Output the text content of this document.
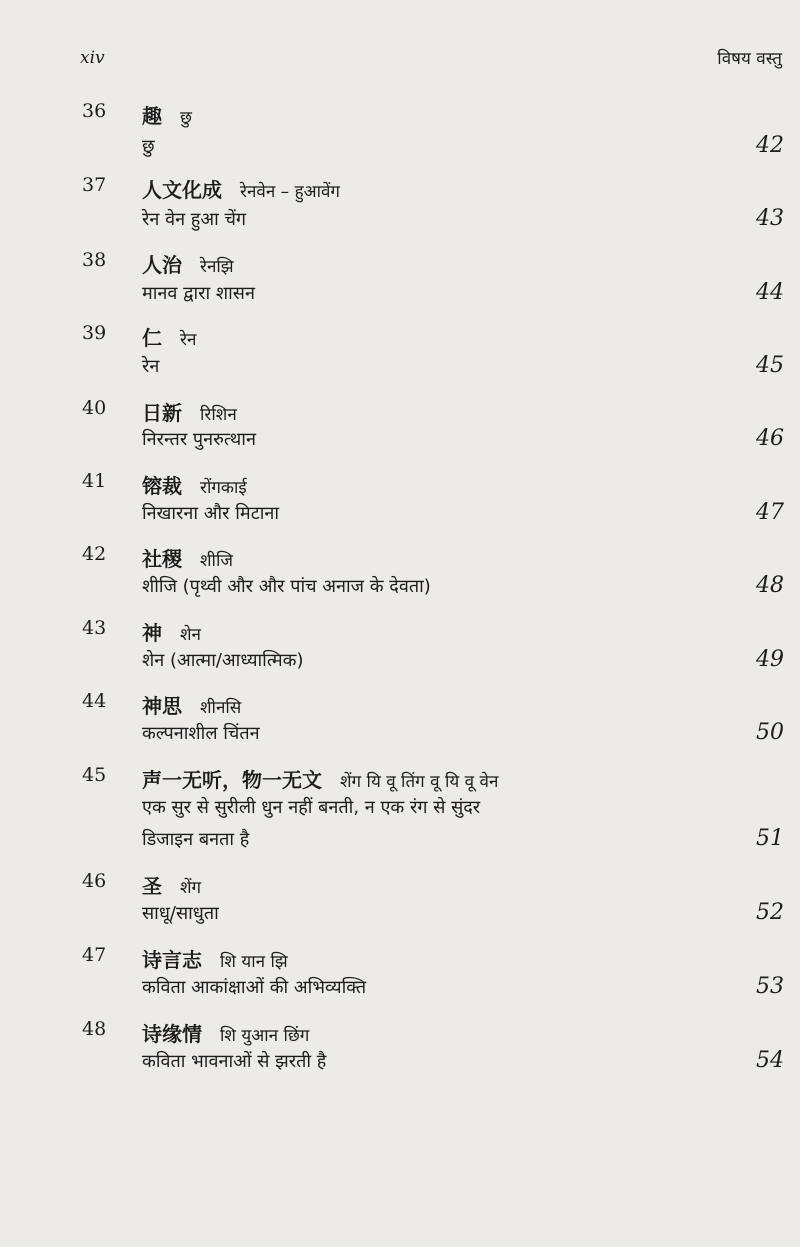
xiv	विषय वस्तु
36 趣 छु
छु	42
37 人文化成 रेनवेन – हुआवेंग
रेन वेन हुआ चेंग	43
38 人治 रेनझि
मानव द्वारा शासन	44
39 仁 रेन
रेन	45
40 日新 रिशिन
निरन्तर पुनरुत्थान	46
41 镕裁 रोंगकाई
निखारना और मिटाना	47
42 社稷 शीजि
शीजि (पृथ्वी और और पांच अनाज के देवता)	48
43 神 शेन
शेन (आत्मा/आध्यात्मिक)	49
44 神思 शीनसि
कल्पनाशील चिंतन	50
45 声一无听，物一无文 शेंग यि वू तिंग वू यि वू वेन
एक सुर से सुरीली धुन नहीं बनती, न एक रंग से सुंदर
डिजाइन बनता है	51
46 圣 शेंग
साधू/साधुता	52
47 诗言志 शि यान झि
कविता आकांक्षाओं की अभिव्यक्ति	53
48 诗缘情 शि युआन छिंग
कविता भावनाओं से झरती है	54
